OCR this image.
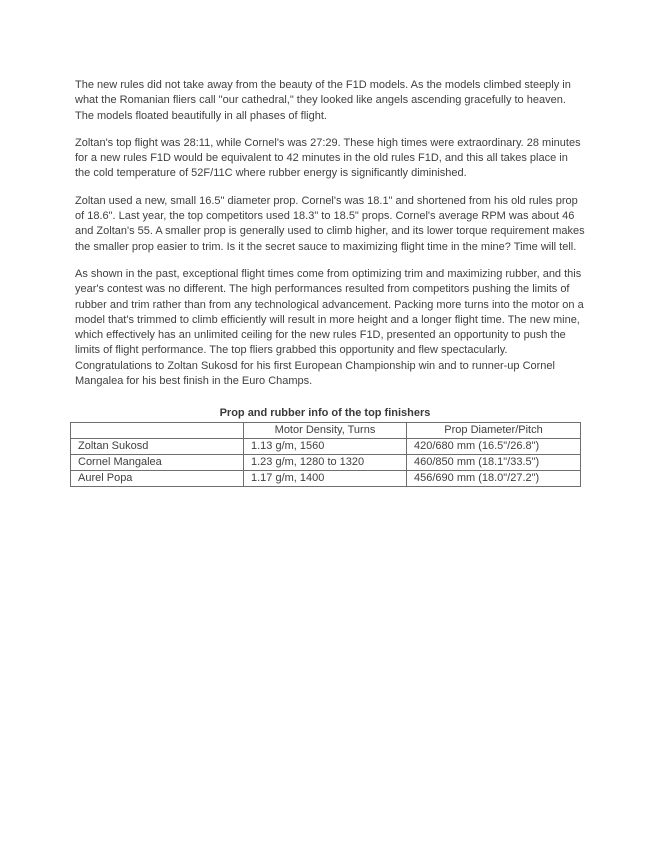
The new rules did not take away from the beauty of the F1D models. As the models climbed steeply in what the Romanian fliers call "our cathedral," they looked like angels ascending gracefully to heaven. The models floated beautifully in all phases of flight.

Zoltan's top flight was 28:11, while Cornel's was 27:29. These high times were extraordinary. 28 minutes for a new rules F1D would be equivalent to 42 minutes in the old rules F1D, and this all takes place in the cold temperature of 52F/11C where rubber energy is significantly diminished.

Zoltan used a new, small 16.5" diameter prop. Cornel's was 18.1" and shortened from his old rules prop of 18.6". Last year, the top competitors used 18.3" to 18.5" props. Cornel's average RPM was about 46 and Zoltan's 55. A smaller prop is generally used to climb higher, and its lower torque requirement makes the smaller prop easier to trim. Is it the secret sauce to maximizing flight time in the mine? Time will tell.

As shown in the past, exceptional flight times come from optimizing trim and maximizing rubber, and this year's contest was no different. The high performances resulted from competitors pushing the limits of rubber and trim rather than from any technological advancement. Packing more turns into the motor on a model that's trimmed to climb efficiently will result in more height and a longer flight time. The new mine, which effectively has an unlimited ceiling for the new rules F1D, presented an opportunity to push the limits of flight performance. The top fliers grabbed this opportunity and flew spectacularly. Congratulations to Zoltan Sukosd for his first European Championship win and to runner-up Cornel Mangalea for his best finish in the Euro Champs.

Prop and rubber info of the top finishers
	Motor Density, Turns	Prop Diameter/Pitch
Zoltan Sukosd	1.13 g/m, 1560	420/680 mm (16.5"/26.8")
Cornel Mangalea	1.23 g/m, 1280 to 1320	460/850 mm (18.1"/33.5")
Aurel Popa	1.17 g/m, 1400	456/690 mm (18.0"/27.2")
